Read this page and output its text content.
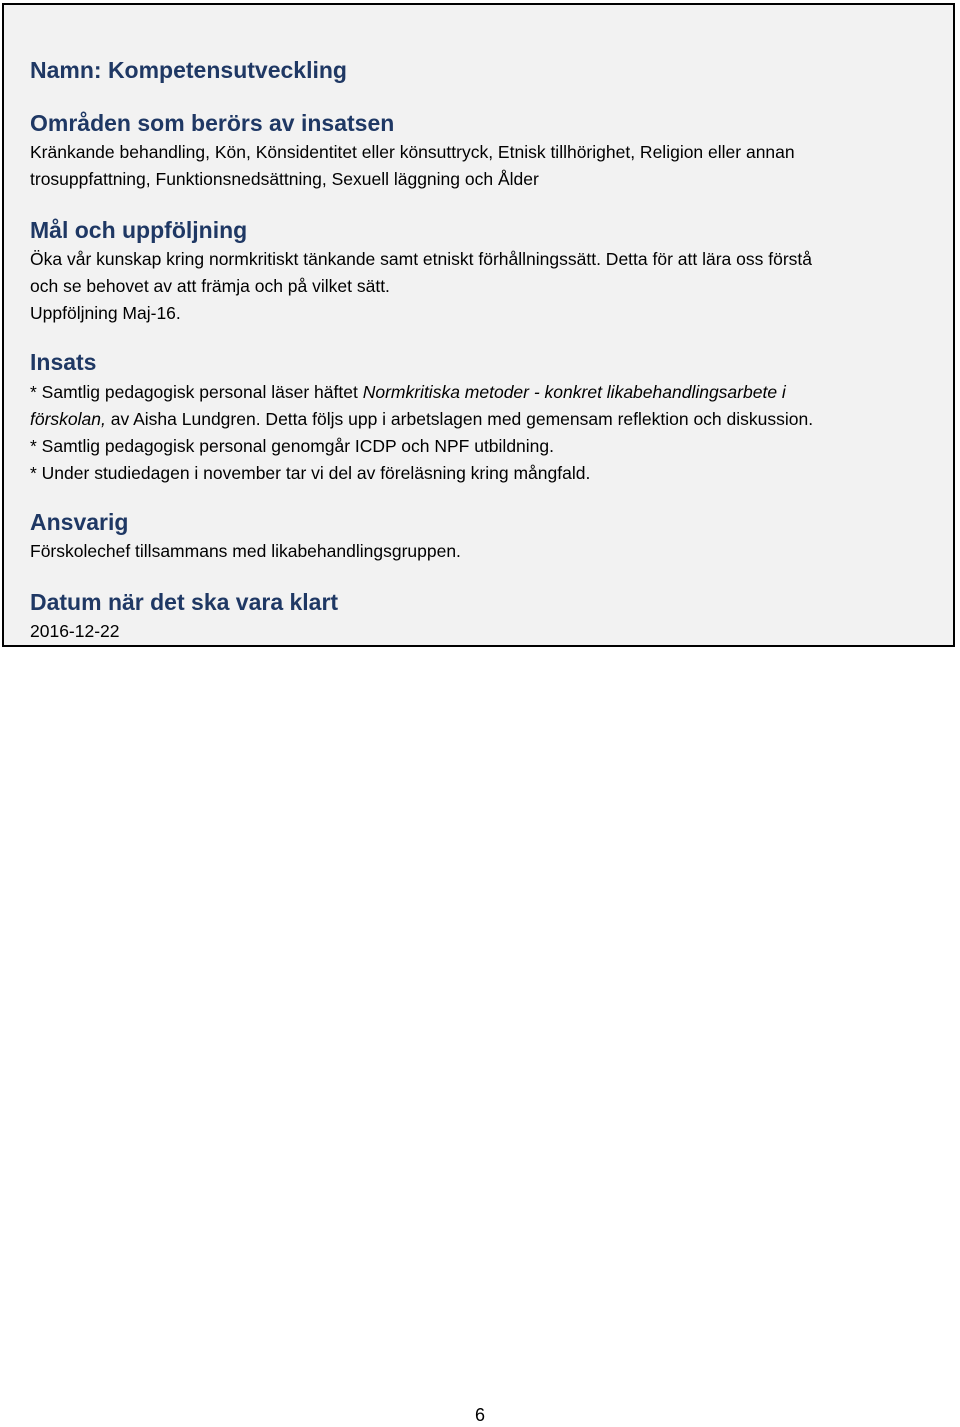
Namn: Kompetensutveckling
Områden som berörs av insatsen

Kränkande behandling, Kön, Könsidentitet eller könsuttryck, Etnisk tillhörighet, Religion eller annan
trosuppfattning, Funktionsnedsättning, Sexuell läggning och Ålder

Mål och uppföljning

Öka vår kunskap kring normkritiskt tänkande samt etniskt förhållningssätt. Detta för att lära oss förstå
och se behovet av att främja och på vilket sätt.
Uppföljning Maj-16.

Insats

* Samtlig pedagogisk personal läser häftet Normkritiska metoder - konkret likabehandlingsarbete i
förskolan, av Aisha Lundgren. Detta följs upp i arbetslagen med gemensam reflektion och diskussion.
* Samtlig pedagogisk personal genomgår ICDP och NPF utbildning.
* Under studiedagen i november tar vi del av föreläsning kring mångfald.

Ansvarig

Förskolechef tillsammans med likabehandlingsgruppen.

Datum när det ska vara klart

2016-12-22

6
